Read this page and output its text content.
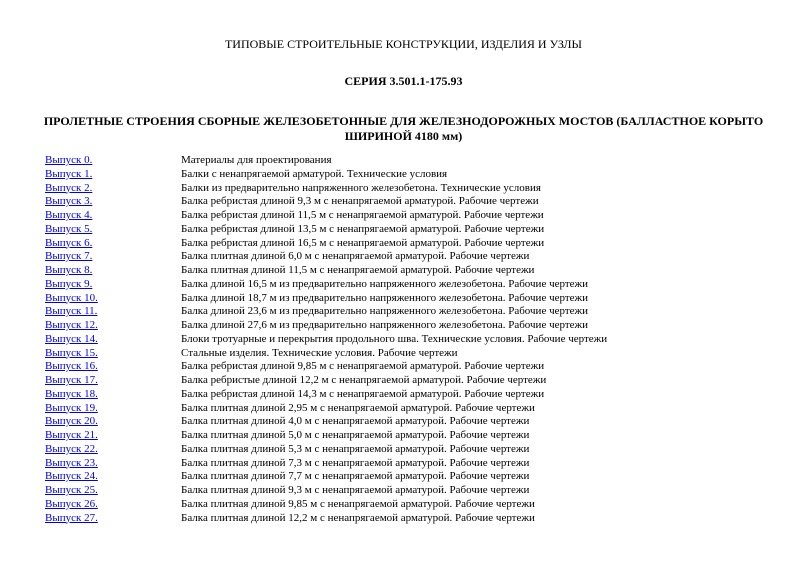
ТИПОВЫЕ СТРОИТЕЛЬНЫЕ КОНСТРУКЦИИ, ИЗДЕЛИЯ И УЗЛЫ
СЕРИЯ 3.501.1-175.93
ПРОЛЕТНЫЕ СТРОЕНИЯ СБОРНЫЕ ЖЕЛЕЗОБЕТОННЫЕ ДЛЯ ЖЕЛЕЗНОДОРОЖНЫХ МОСТОВ (БАЛЛАСТНОЕ КОРЫТО ШИРИНОЙ 4180 мм)
Выпуск 0.	Материалы для проектирования
Выпуск 1.	Балки с ненапрягаемой арматурой. Технические условия
Выпуск 2.	Балки из предварительно напряженного железобетона. Технические условия
Выпуск 3.	Балка ребристая длиной 9,3 м с ненапрягаемой арматурой. Рабочие чертежи
Выпуск 4.	Балка ребристая длиной 11,5 м с ненапрягаемой арматурой. Рабочие чертежи
Выпуск 5.	Балка ребристая длиной 13,5 м с ненапрягаемой арматурой. Рабочие чертежи
Выпуск 6.	Балка ребристая длиной 16,5 м с ненапрягаемой арматурой. Рабочие чертежи
Выпуск 7.	Балка плитная длиной 6,0 м с ненапрягаемой арматурой. Рабочие чертежи
Выпуск 8.	Балка плитная длиной 11,5 м с ненапрягаемой арматурой. Рабочие чертежи
Выпуск 9.	Балка длиной 16,5 м из предварительно напряженного железобетона. Рабочие чертежи
Выпуск 10.	Балка длиной 18,7 м из предварительно напряженного железобетона. Рабочие чертежи
Выпуск 11.	Балка длиной 23,6 м из предварительно напряженного железобетона. Рабочие чертежи
Выпуск 12.	Балка длиной 27,6 м из предварительно напряженного железобетона. Рабочие чертежи
Выпуск 14.	Блоки тротуарные и перекрытия продольного шва. Технические условия. Рабочие чертежи
Выпуск 15.	Стальные изделия. Технические условия. Рабочие чертежи
Выпуск 16.	Балка ребристая длиной 9,85 м с ненапрягаемой арматурой. Рабочие чертежи
Выпуск 17.	Балка ребристые длиной 12,2 м с ненапрягаемой арматурой. Рабочие чертежи
Выпуск 18.	Балка ребристая длиной 14,3 м с ненапрягаемой арматурой. Рабочие чертежи
Выпуск 19.	Балка плитная длиной 2,95 м с ненапрягаемой арматурой. Рабочие чертежи
Выпуск 20.	Балка плитная длиной 4,0 м с ненапрягаемой арматурой. Рабочие чертежи
Выпуск 21.	Балка плитная длиной 5,0 м с ненапрягаемой арматурой. Рабочие чертежи
Выпуск 22.	Балка плитная длиной 5,3 м с ненапрягаемой арматурой. Рабочие чертежи
Выпуск 23.	Балка плитная длиной 7,3 м с ненапрягаемой арматурой. Рабочие чертежи
Выпуск 24.	Балка плитная длиной 7,7 м с ненапрягаемой арматурой. Рабочие чертежи
Выпуск 25.	Балка плитная длиной 9,3 м с ненапрягаемой арматурой. Рабочие чертежи
Выпуск 26.	Балка плитная длиной 9,85 м с ненапрягаемой арматурой. Рабочие чертежи
Выпуск 27.	Балка плитная длиной 12,2 м с ненапрягаемой арматурой. Рабочие чертежи
